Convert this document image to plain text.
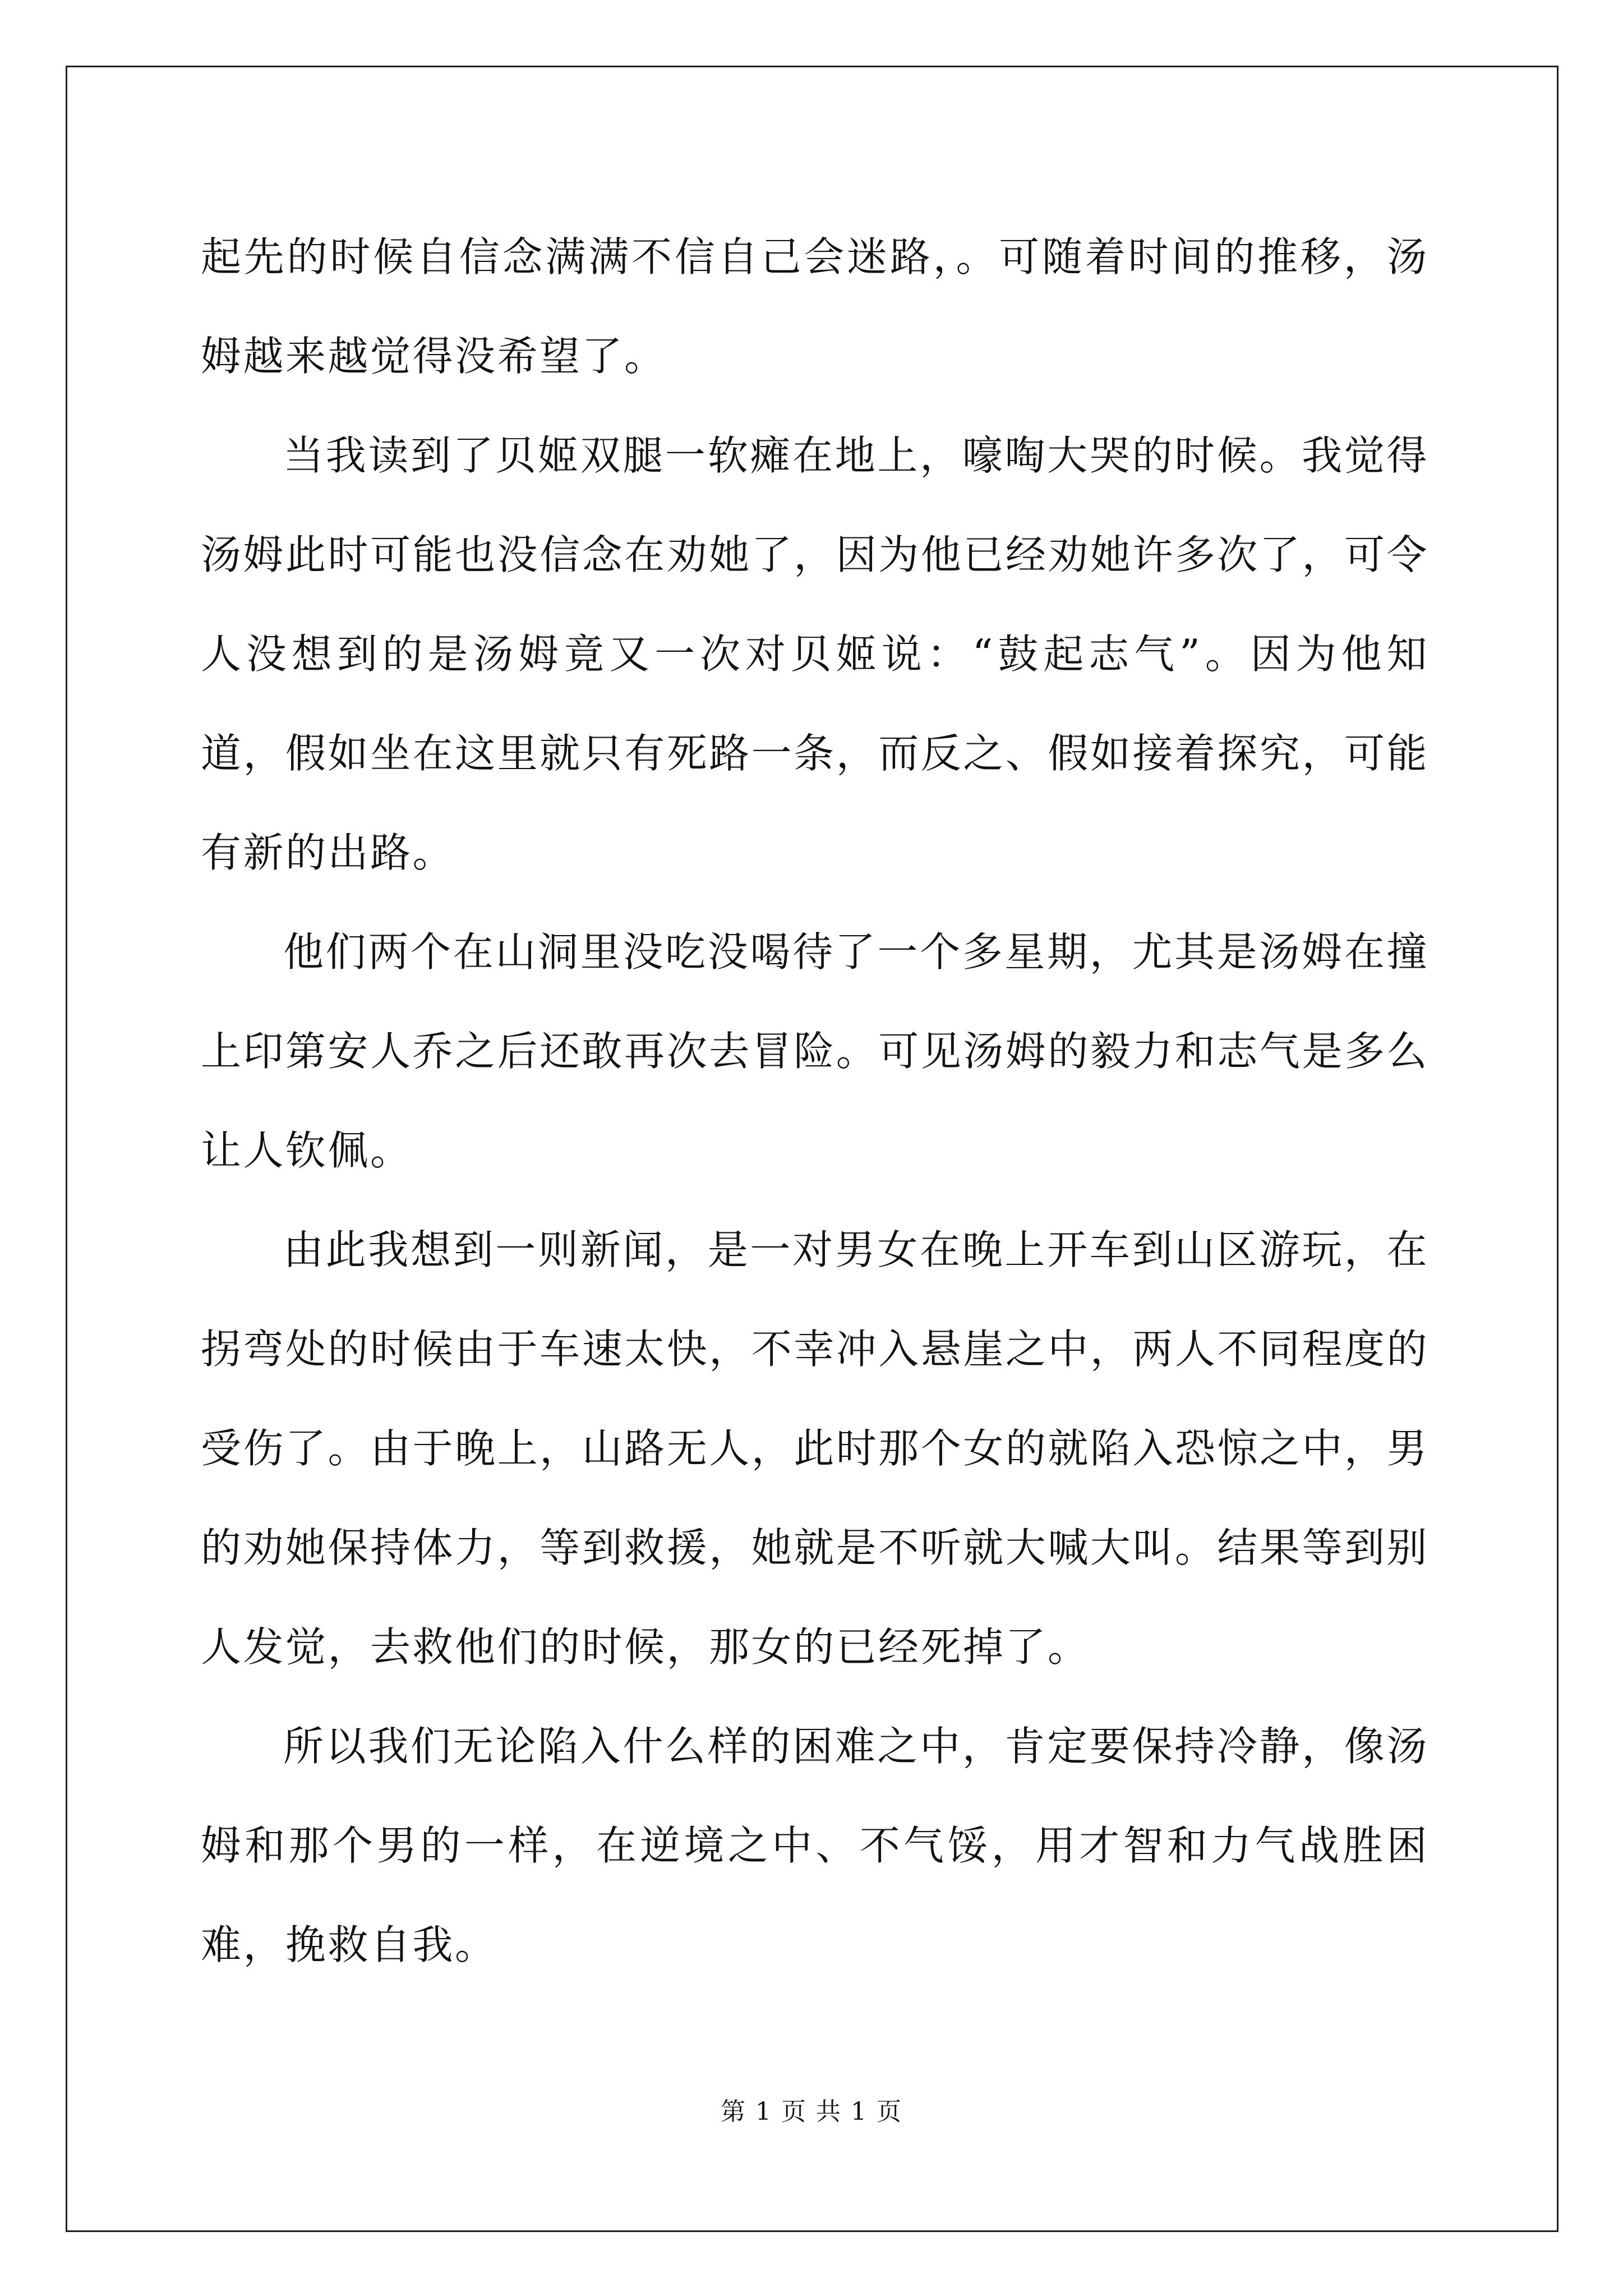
起先的时候自信念满满不信自己会迷路，。可随着时间的推移，汤姆越来越觉得没希望了。

当我读到了贝姬双腿一软瘫在地上，嚎啕大哭的时候。我觉得汤姆此时可能也没信念在劝她了，因为他已经劝她许多次了，可令人没想到的是汤姆竟又一次对贝姬说：“鼓起志气”。因为他知道，假如坐在这里就只有死路一条，而反之、假如接着探究，可能有新的出路。

他们两个在山洞里没吃没喝待了一个多星期，尤其是汤姆在撞上印第安人乔之后还敢再次去冒险。可见汤姆的毅力和志气是多么让人钦佩。

由此我想到一则新闻，是一对男女在晚上开车到山区游玩，在拐弯处的时候由于车速太快，不幸冲入悬崖之中，两人不同程度的受伤了。由于晚上，山路无人，此时那个女的就陷入恐惊之中，男的劝她保持体力，等到救援，她就是不听就大喊大叫。结果等到别人发觉，去救他们的时候，那女的已经死掉了。

所以我们无论陷入什么样的困难之中，肯定要保持冷静，像汤姆和那个男的一样，在逆境之中、不气馁，用才智和力气战胜困难，挽救自我。

第 1 页 共 1 页
